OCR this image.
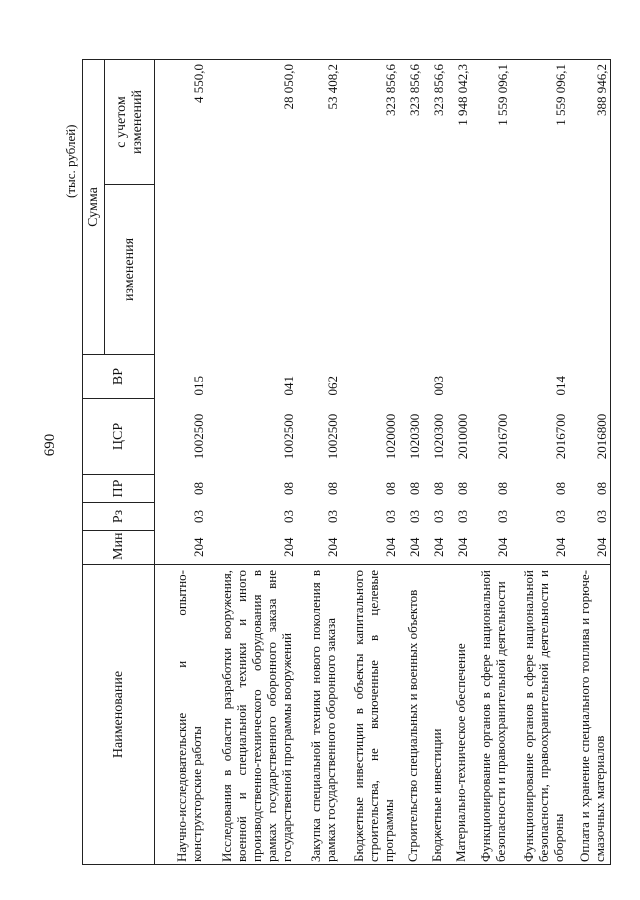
690
(тыс. рублей)
Наименование	Мин	Рз	ПР	ЦСР	ВР	Сумма	
						изменения	с учетом изменений
Научно-исследовательские и опытно-конструкторские работы	204	03	08	1002500	015		4 550,0
Исследования в области разработки вооружения, военной и специальной техники и иного производственно-технического оборудования в рамках государственного оборонного заказа вне государственной программы вооружений	204	03	08	1002500	041		28 050,0
Закупка специальной техники нового поколения в рамках государственного оборонного заказа	204	03	08	1002500	062		53 408,2
Бюджетные инвестиции в объекты капитального строительства, не включенные в целевые программы	204	03	08	1020000			323 856,6
Строительство специальных и военных объектов	204	03	08	1020300			323 856,6
Бюджетные инвестиции	204	03	08	1020300	003		323 856,6
Материально-техническое обеспечение	204	03	08	2010000			1 948 042,3
Функционирование органов в сфере национальной безопасности и правоохранительной деятельности	204	03	08	2016700			1 559 096,1
Функционирование органов в сфере национальной безопасности, правоохранительной деятельности и обороны	204	03	08	2016700	014		1 559 096,1
Оплата и хранение специального топлива и горюче-смазочных материалов	204	03	08	2016800			388 946,2
